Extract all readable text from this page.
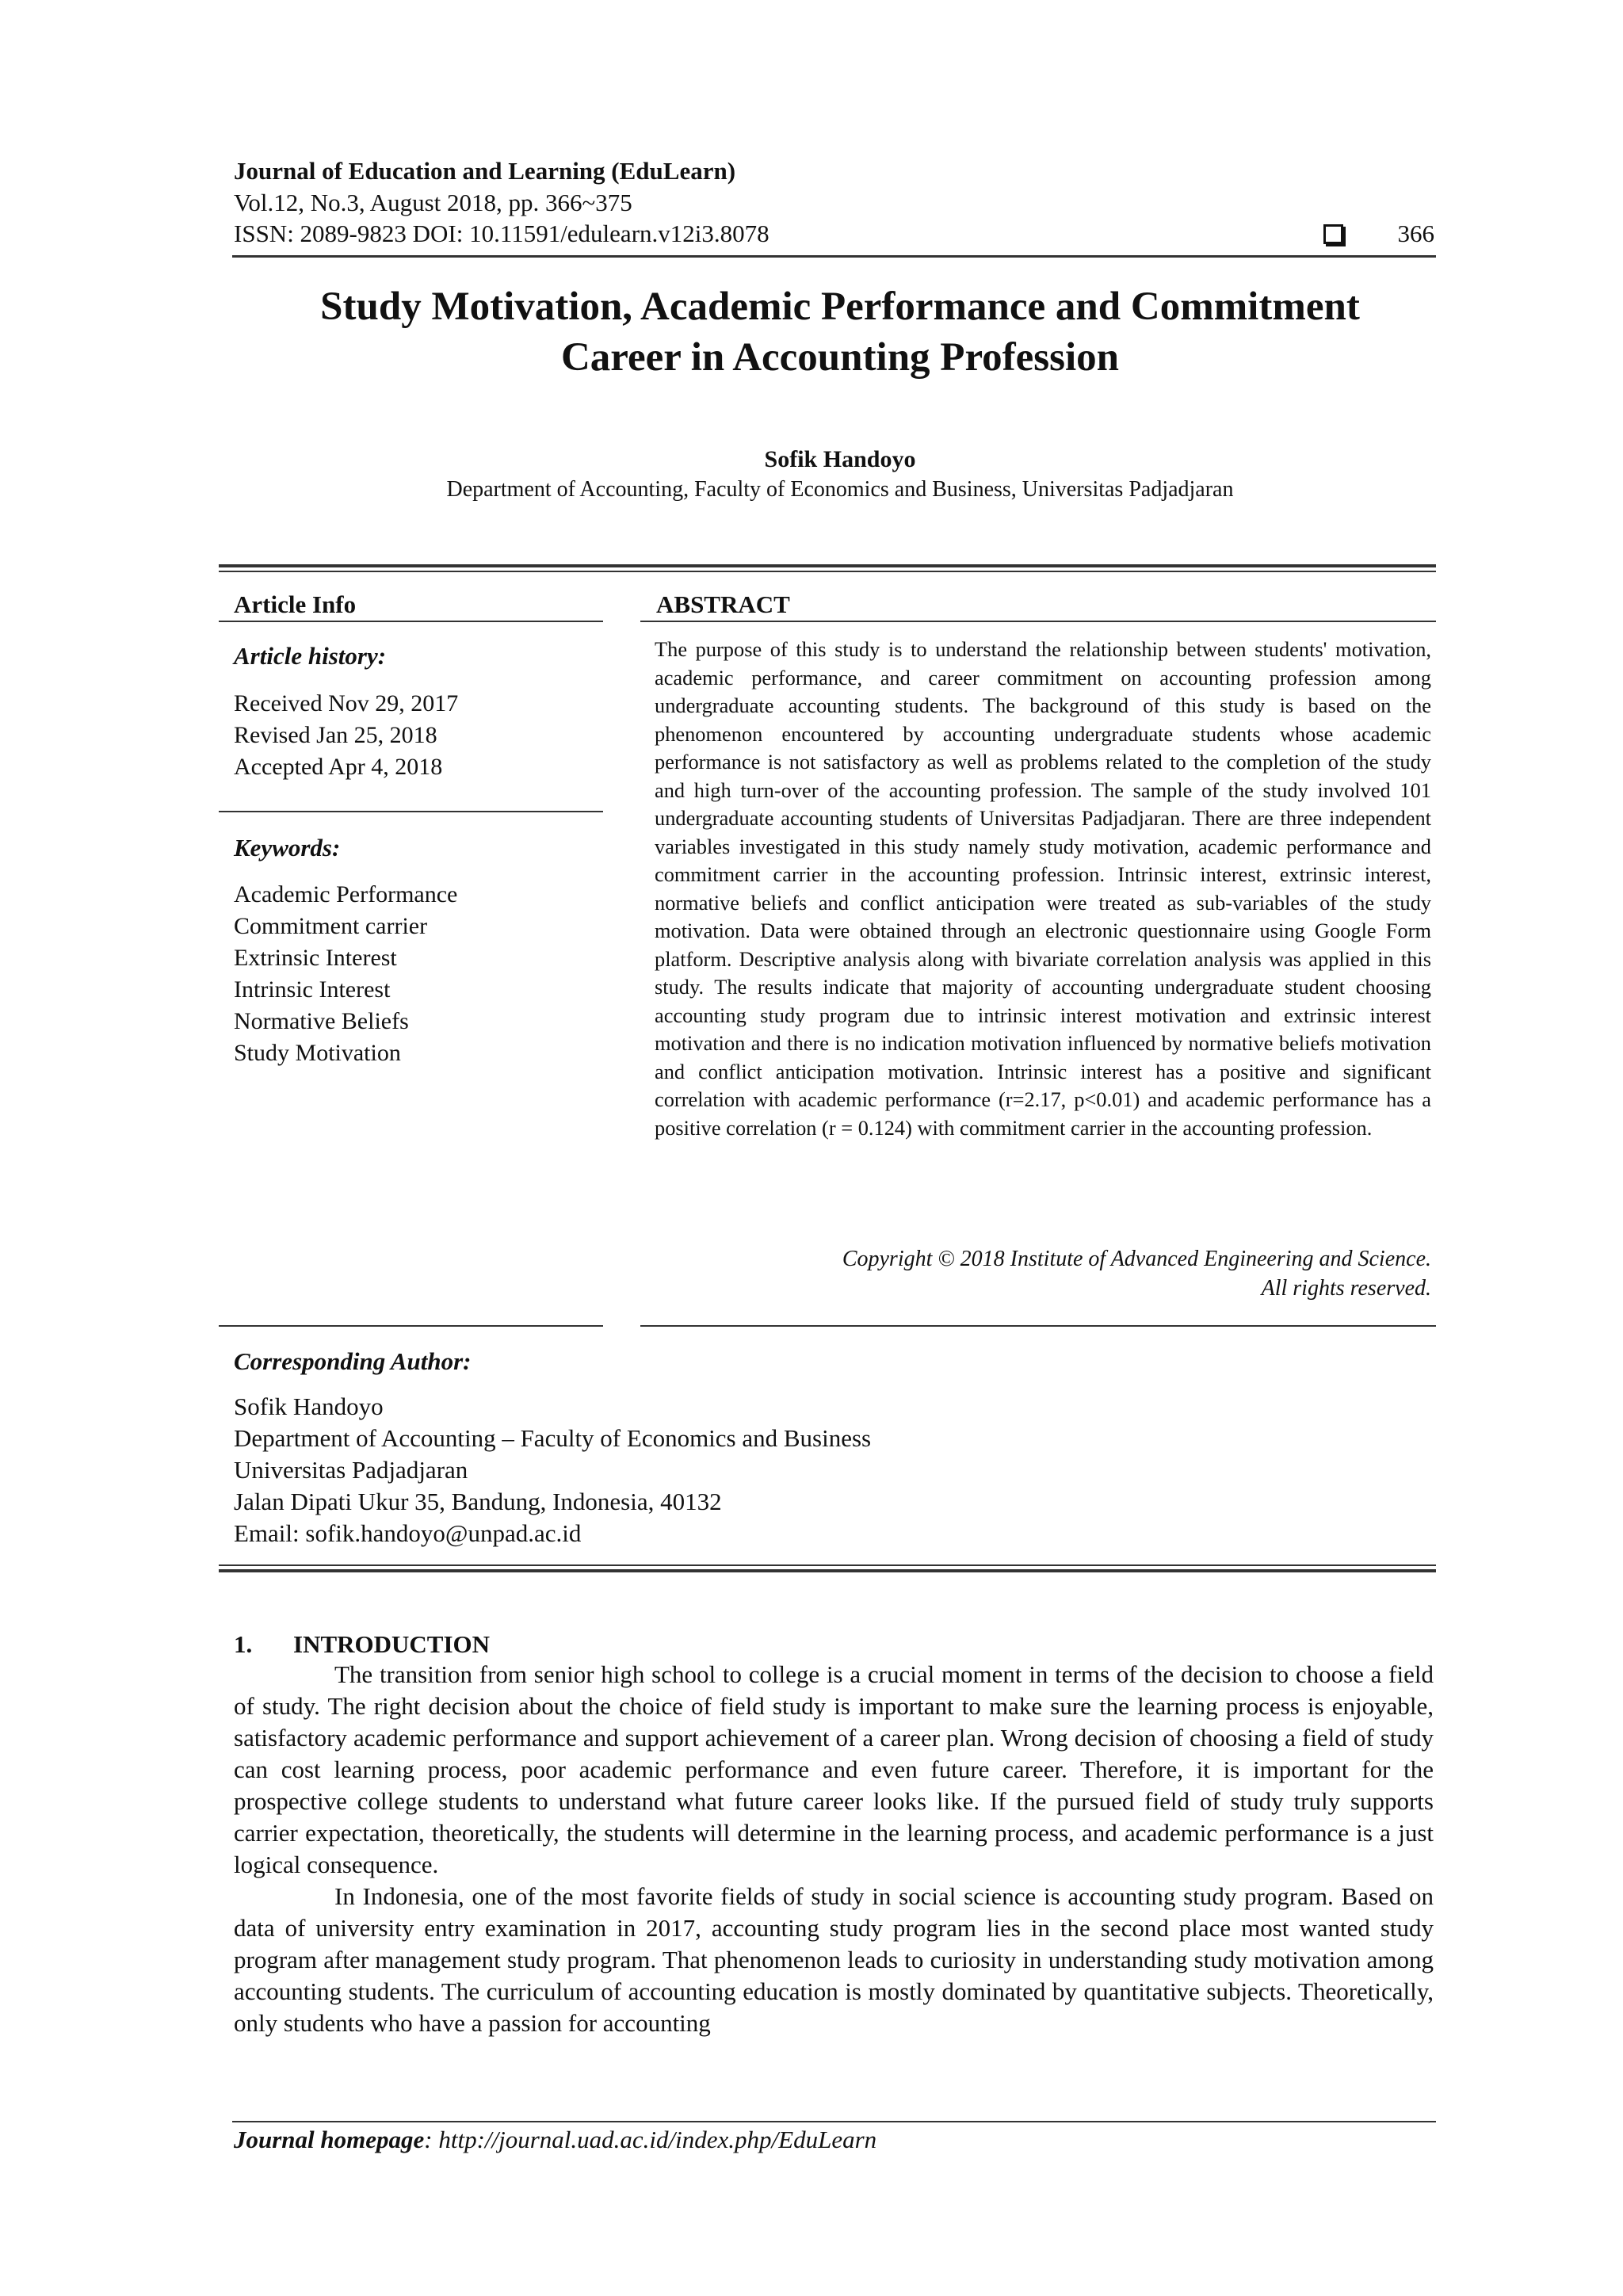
Journal of Education and Learning (EduLearn)
Vol.12, No.3, August 2018, pp. 366~375
ISSN: 2089-9823 DOI: 10.11591/edulearn.v12i3.8078	366
Study Motivation, Academic Performance and Commitment
Career in Accounting Profession
Sofik Handoyo
Department of Accounting, Faculty of Economics and Business, Universitas Padjadjaran
Article Info
Article history:
Received Nov 29, 2017
Revised Jan 25, 2018
Accepted Apr 4, 2018
Keywords:
Academic Performance
Commitment carrier
Extrinsic Interest
Intrinsic Interest
Normative Beliefs
Study Motivation
ABSTRACT
The purpose of this study is to understand the relationship between students' motivation, academic performance, and career commitment on accounting profession among undergraduate accounting students. The background of this study is based on the phenomenon encountered by accounting undergraduate students whose academic performance is not satisfactory as well as problems related to the completion of the study and high turn-over of the accounting profession. The sample of the study involved 101 undergraduate accounting students of Universitas Padjadjaran. There are three independent variables investigated in this study namely study motivation, academic performance and commitment carrier in the accounting profession. Intrinsic interest, extrinsic interest, normative beliefs and conflict anticipation were treated as sub-variables of the study motivation. Data were obtained through an electronic questionnaire using Google Form platform. Descriptive analysis along with bivariate correlation analysis was applied in this study. The results indicate that majority of accounting undergraduate student choosing accounting study program due to intrinsic interest motivation and extrinsic interest motivation and there is no indication motivation influenced by normative beliefs motivation and conflict anticipation motivation. Intrinsic interest has a positive and significant correlation with academic performance (r=2.17, p<0.01) and academic performance has a positive correlation (r = 0.124) with commitment carrier in the accounting profession.
Copyright © 2018 Institute of Advanced Engineering and Science.
All rights reserved.
Corresponding Author:
Sofik Handoyo
Department of Accounting – Faculty of Economics and Business
Universitas Padjadjaran
Jalan Dipati Ukur 35, Bandung, Indonesia, 40132
Email: sofik.handoyo@unpad.ac.id
1. INTRODUCTION

The transition from senior high school to college is a crucial moment in terms of the decision to choose a field of study. The right decision about the choice of field study is important to make sure the learning process is enjoyable, satisfactory academic performance and support achievement of a career plan. Wrong decision of choosing a field of study can cost learning process, poor academic performance and even future career. Therefore, it is important for the prospective college students to understand what future career looks like. If the pursued field of study truly supports carrier expectation, theoretically, the students will determine in the learning process, and academic performance is a just logical consequence.

In Indonesia, one of the most favorite fields of study in social science is accounting study program. Based on data of university entry examination in 2017, accounting study program lies in the second place most wanted study program after management study program. That phenomenon leads to curiosity in understanding study motivation among accounting students. The curriculum of accounting education is mostly dominated by quantitative subjects. Theoretically, only students who have a passion for accounting

Journal homepage: http://journal.uad.ac.id/index.php/EduLearn
